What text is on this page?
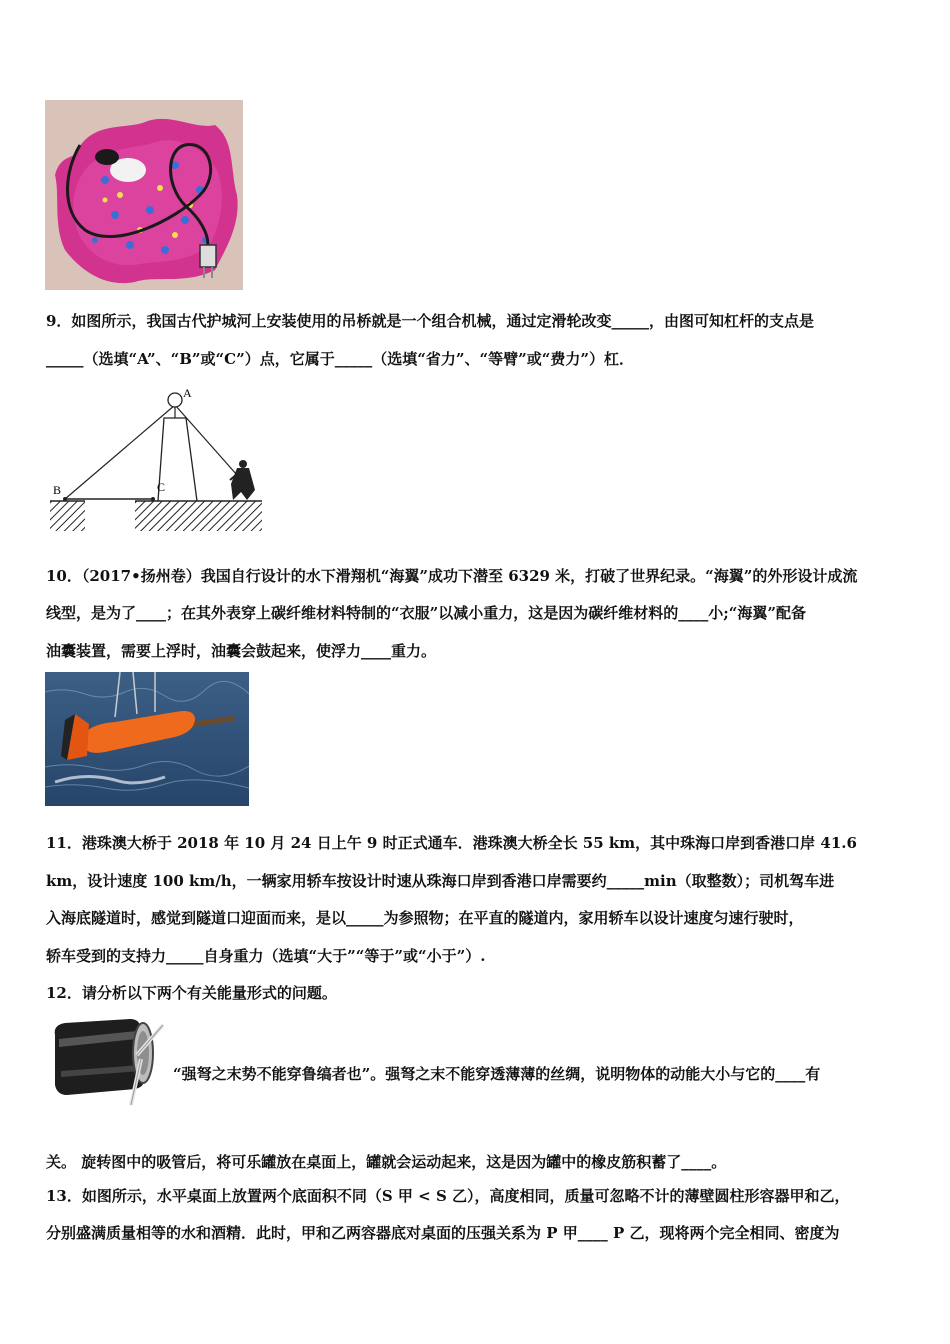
9．如图所示，我国古代护城河上安装使用的吊桥就是一个组合机械，通过定滑轮改变_____，由图可知杠杆的支点是
_____（选填“A”、“B”或“C”）点，它属于_____（选填“省力”、“等臂”或“费力”）杠．
A
B	C
10．（2017•扬州卷）我国自行设计的水下滑翔机“海翼”成功下潜至 6329 米，打破了世界纪录。“海翼”的外形设计成流
线型，是为了____；在其外表穿上碳纤维材料特制的“衣服”以减小重力，这是因为碳纤维材料的____小;“海翼”配备
油囊装置，需要上浮时，油囊会鼓起来，使浮力____重力。
11．港珠澳大桥于 2018 年 10 月 24 日上午 9 时正式通车．港珠澳大桥全长 55 km，其中珠海口岸到香港口岸 41.6
km，设计速度 100 km/h，一辆家用轿车按设计时速从珠海口岸到香港口岸需要约_____min（取整数）；司机驾车进
入海底隧道时，感觉到隧道口迎面而来，是以_____为参照物；在平直的隧道内，家用轿车以设计速度匀速行驶时，
轿车受到的支持力_____自身重力（选填“大于”“等于”或“小于”）.
12．请分析以下两个有关能量形式的问题。
“强弩之末势不能穿鲁缟者也”。强弩之末不能穿透薄薄的丝绸，说明物体的动能大小与它的____有
关。 旋转图中的吸管后，将可乐罐放在桌面上，罐就会运动起来，这是因为罐中的橡皮筋积蓄了____。
13．如图所示，水平桌面上放置两个底面积不同（S 甲 < S 乙），高度相同，质量可忽略不计的薄壁圆柱形容器甲和乙，
分别盛满质量相等的水和酒精．此时，甲和乙两容器底对桌面的压强关系为 P 甲____ P 乙，现将两个完全相同、密度为
